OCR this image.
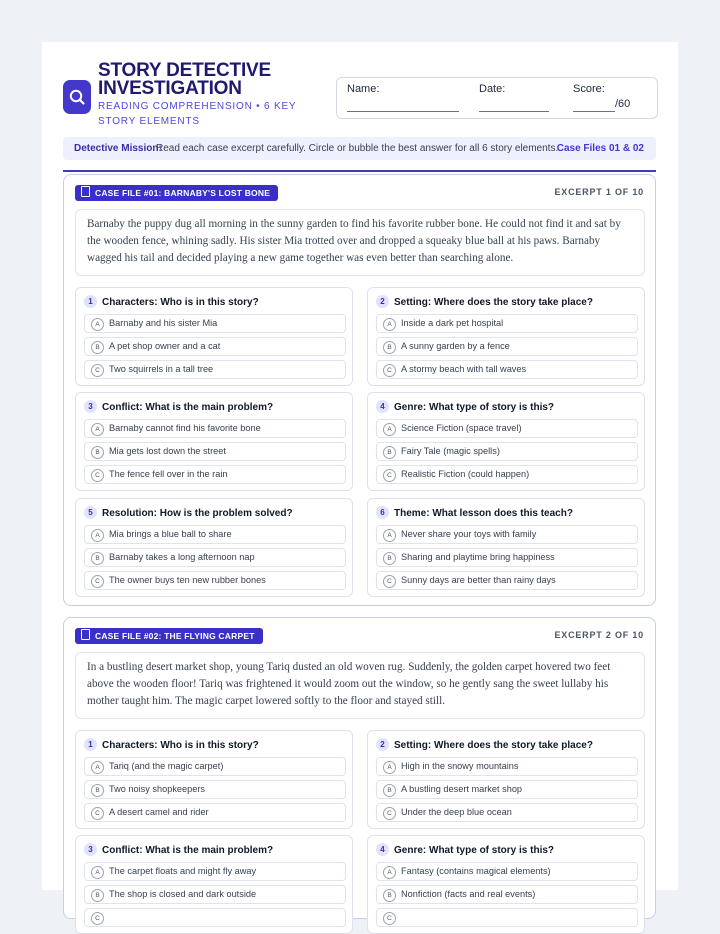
STORY DETECTIVE INVESTIGATION
READING COMPREHENSION • 6 KEY STORY ELEMENTS
Name:	Date:	Score:
/60
Detective Mission:
Read each case excerpt carefully. Circle or bubble the best answer for all 6 story elements.
Case Files 01 & 02
CASE FILE #01: BARNABY'S LOST BONE	EXCERPT 1 OF 10
Barnaby the puppy dug all morning in the sunny garden to find his favorite rubber bone. He could not find it and sat by the wooden fence, whining sadly. His sister Mia trotted over and dropped a squeaky blue ball at his paws. Barnaby wagged his tail and decided playing a new game together was even better than searching alone.
1 Characters: Who is in this story?
A Barnaby and his sister Mia
B A pet shop owner and a cat
C Two squirrels in a tall tree
2 Setting: Where does the story take place?
A Inside a dark pet hospital
B A sunny garden by a fence
C A stormy beach with tall waves
3 Conflict: What is the main problem?
A Barnaby cannot find his favorite bone
B Mia gets lost down the street
C The fence fell over in the rain
4 Genre: What type of story is this?
A Science Fiction (space travel)
B Fairy Tale (magic spells)
C Realistic Fiction (could happen)
5 Resolution: How is the problem solved?
A Mia brings a blue ball to share
B Barnaby takes a long afternoon nap
C The owner buys ten new rubber bones
6 Theme: What lesson does this teach?
A Never share your toys with family
B Sharing and playtime bring happiness
C Sunny days are better than rainy days
CASE FILE #02: THE FLYING CARPET	EXCERPT 2 OF 10
In a bustling desert market shop, young Tariq dusted an old woven rug. Suddenly, the golden carpet hovered two feet above the wooden floor! Tariq was frightened it would zoom out the window, so he gently sang the sweet lullaby his mother taught him. The magic carpet lowered softly to the floor and stayed still.
1 Characters: Who is in this story?
A Tariq (and the magic carpet)
B Two noisy shopkeepers
C A desert camel and rider
2 Setting: Where does the story take place?
A High in the snowy mountains
B A bustling desert market shop
C Under the deep blue ocean
3 Conflict: What is the main problem?
A The carpet floats and might fly away
B The shop is closed and dark outside
C
4 Genre: What type of story is this?
A Fantasy (contains magical elements)
B Nonfiction (facts and real events)
C
